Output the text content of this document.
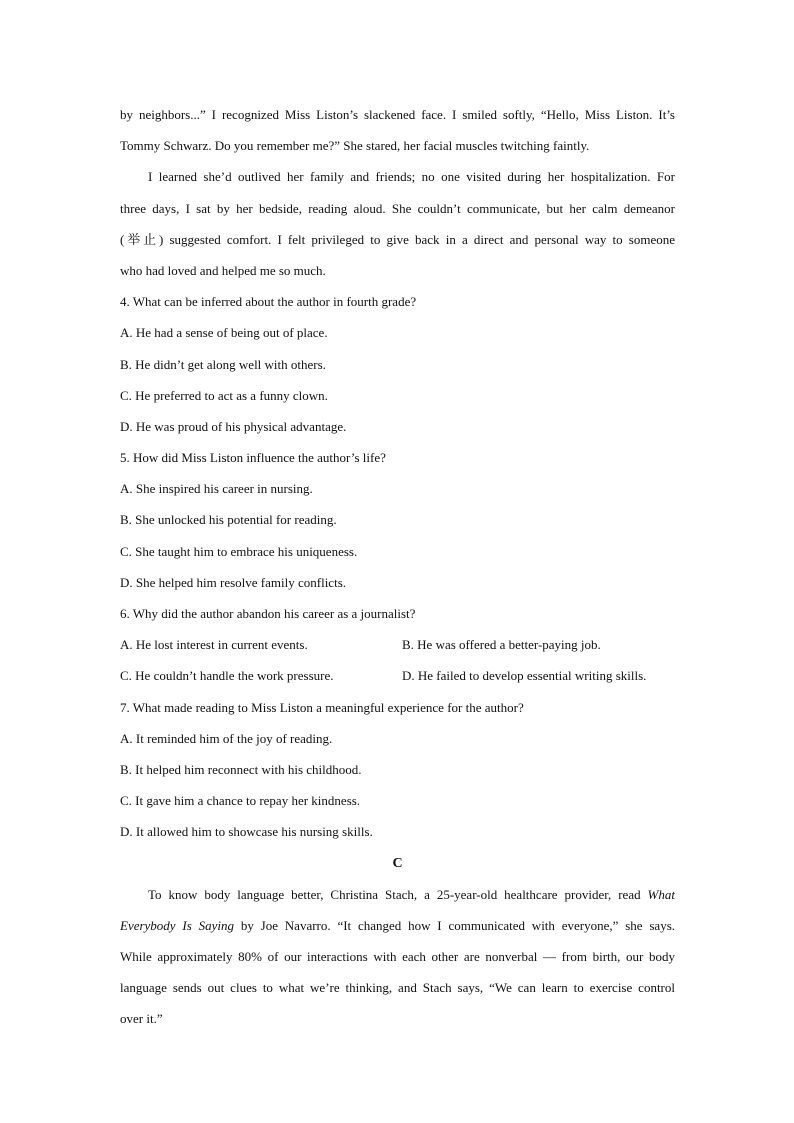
by neighbors...” I recognized Miss Liston’s slackened face. I smiled softly, “Hello, Miss Liston. It’s
Tommy Schwarz. Do you remember me?” She stared, her facial muscles twitching faintly.
I learned she’d outlived her family and friends; no one visited during her hospitalization. For
three days, I sat by her bedside, reading aloud. She couldn’t communicate, but her calm demeanor
(举止) suggested comfort. I felt privileged to give back in a direct and personal way to someone
who had loved and helped me so much.
4. What can be inferred about the author in fourth grade?
A. He had a sense of being out of place.
B. He didn’t get along well with others.
C. He preferred to act as a funny clown.
D. He was proud of his physical advantage.
5. How did Miss Liston influence the author’s life?
A. She inspired his career in nursing.
B. She unlocked his potential for reading.
C. She taught him to embrace his uniqueness.
D. She helped him resolve family conflicts.
6. Why did the author abandon his career as a journalist?
A. He lost interest in current events.	B. He was offered a better-paying job.
C. He couldn’t handle the work pressure.	D. He failed to develop essential writing skills.
7. What made reading to Miss Liston a meaningful experience for the author?
A. It reminded him of the joy of reading.
B. It helped him reconnect with his childhood.
C. It gave him a chance to repay her kindness.
D. It allowed him to showcase his nursing skills.
C
To know body language better, Christina Stach, a 25-year-old healthcare provider, read What
Everybody Is Saying by Joe Navarro. “It changed how I communicated with everyone,” she says.
While approximately 80% of our interactions with each other are nonverbal — from birth, our body
language sends out clues to what we’re thinking, and Stach says, “We can learn to exercise control
over it.”
